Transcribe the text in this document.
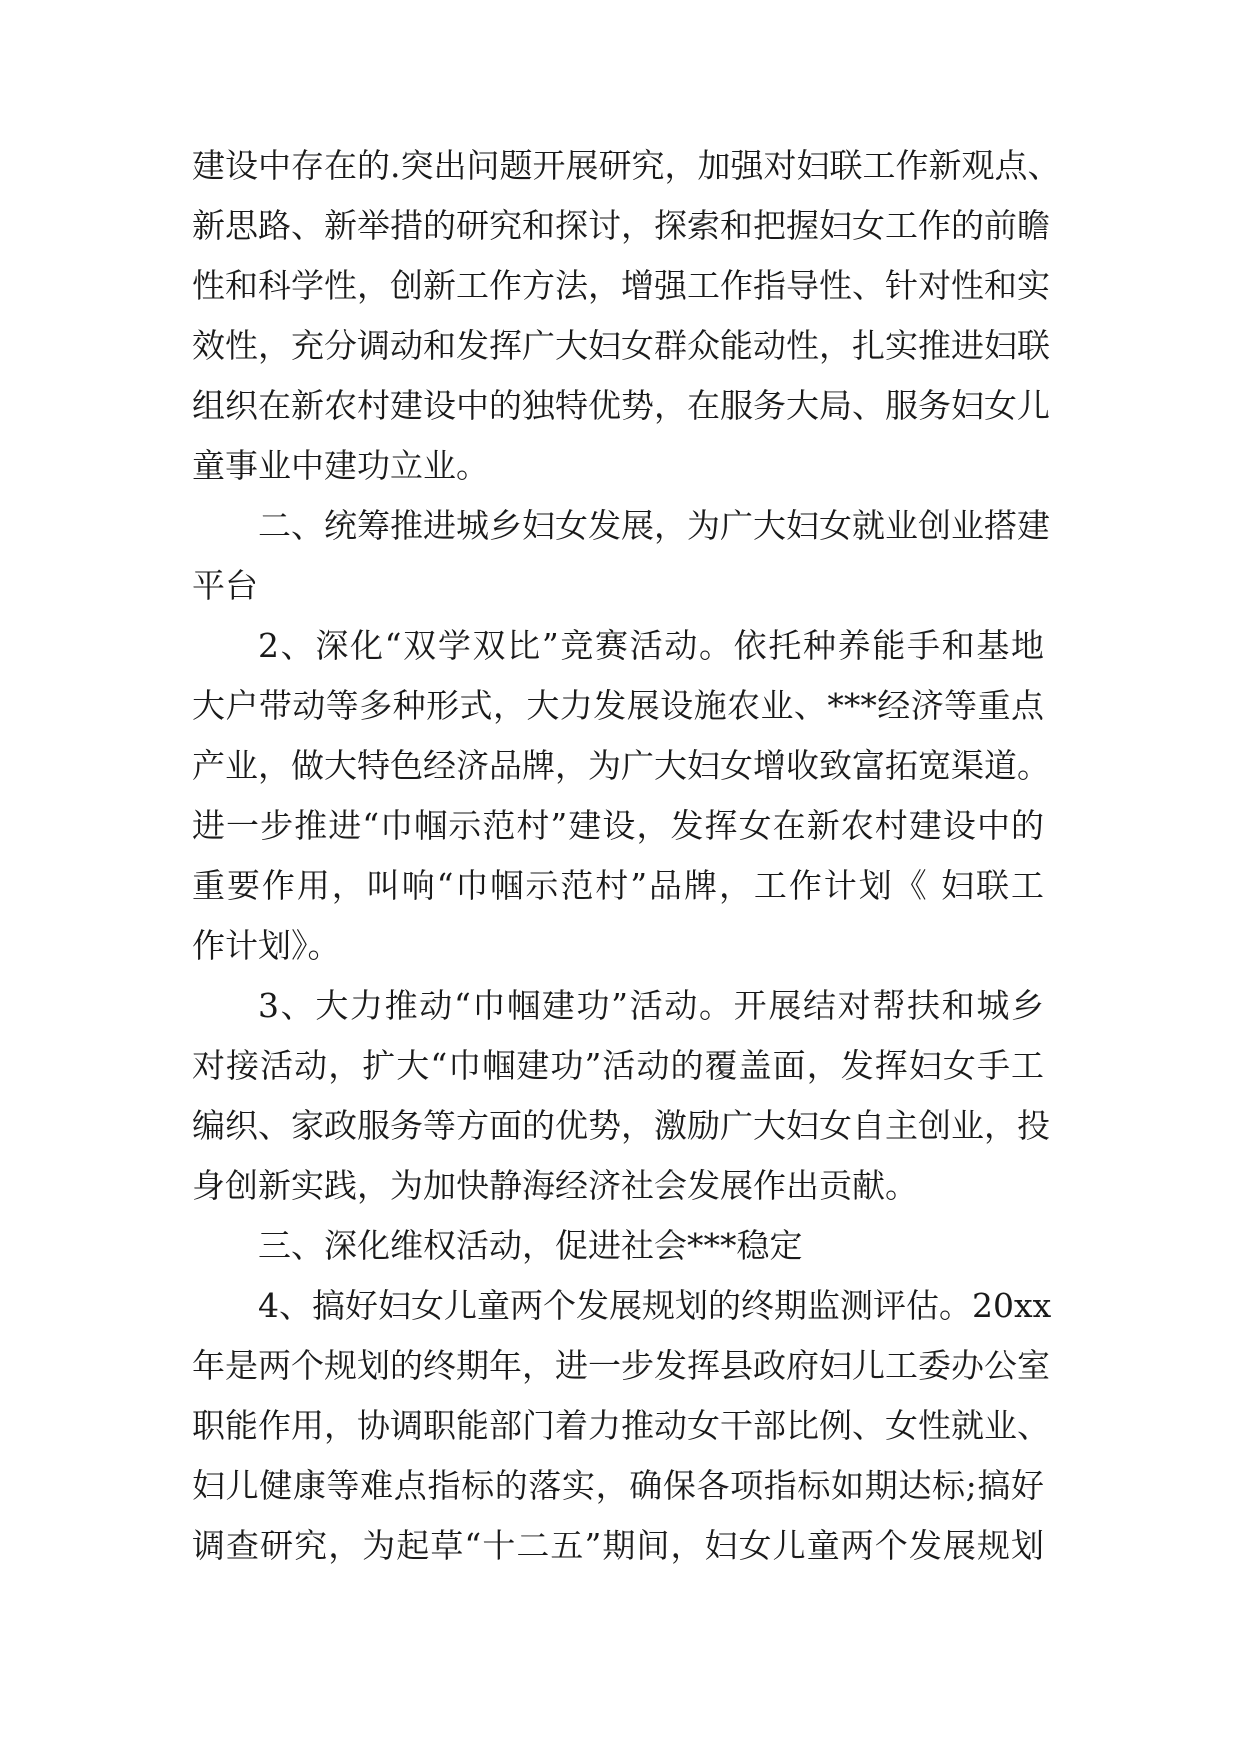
建设中存在的.突出问题开展研究，加强对妇联工作新观点、
新思路、新举措的研究和探讨，探索和把握妇女工作的前瞻
性和科学性，创新工作方法，增强工作指导性、针对性和实
效性，充分调动和发挥广大妇女群众能动性，扎实推进妇联
组织在新农村建设中的独特优势，在服务大局、服务妇女儿
童事业中建功立业。
二、统筹推进城乡妇女发展，为广大妇女就业创业搭建
平台
2、深化“双学双比”竞赛活动。依托种养能手和基地
大户带动等多种形式，大力发展设施农业、***经济等重点
产业，做大特色经济品牌，为广大妇女增收致富拓宽渠道。
进一步推进“巾帼示范村”建设，发挥女在新农村建设中的
重要作用，叫响“巾帼示范村”品牌，工作计划《 妇联工
作计划》。
3、大力推动“巾帼建功”活动。开展结对帮扶和城乡
对接活动，扩大“巾帼建功”活动的覆盖面，发挥妇女手工
编织、家政服务等方面的优势，激励广大妇女自主创业，投
身创新实践，为加快静海经济社会发展作出贡献。
三、深化维权活动，促进社会***稳定
4、搞好妇女儿童两个发展规划的终期监测评估。20xx
年是两个规划的终期年，进一步发挥县政府妇儿工委办公室
职能作用，协调职能部门着力推动女干部比例、女性就业、
妇儿健康等难点指标的落实，确保各项指标如期达标;搞好
调查研究，为起草“十二五”期间，妇女儿童两个发展规划
